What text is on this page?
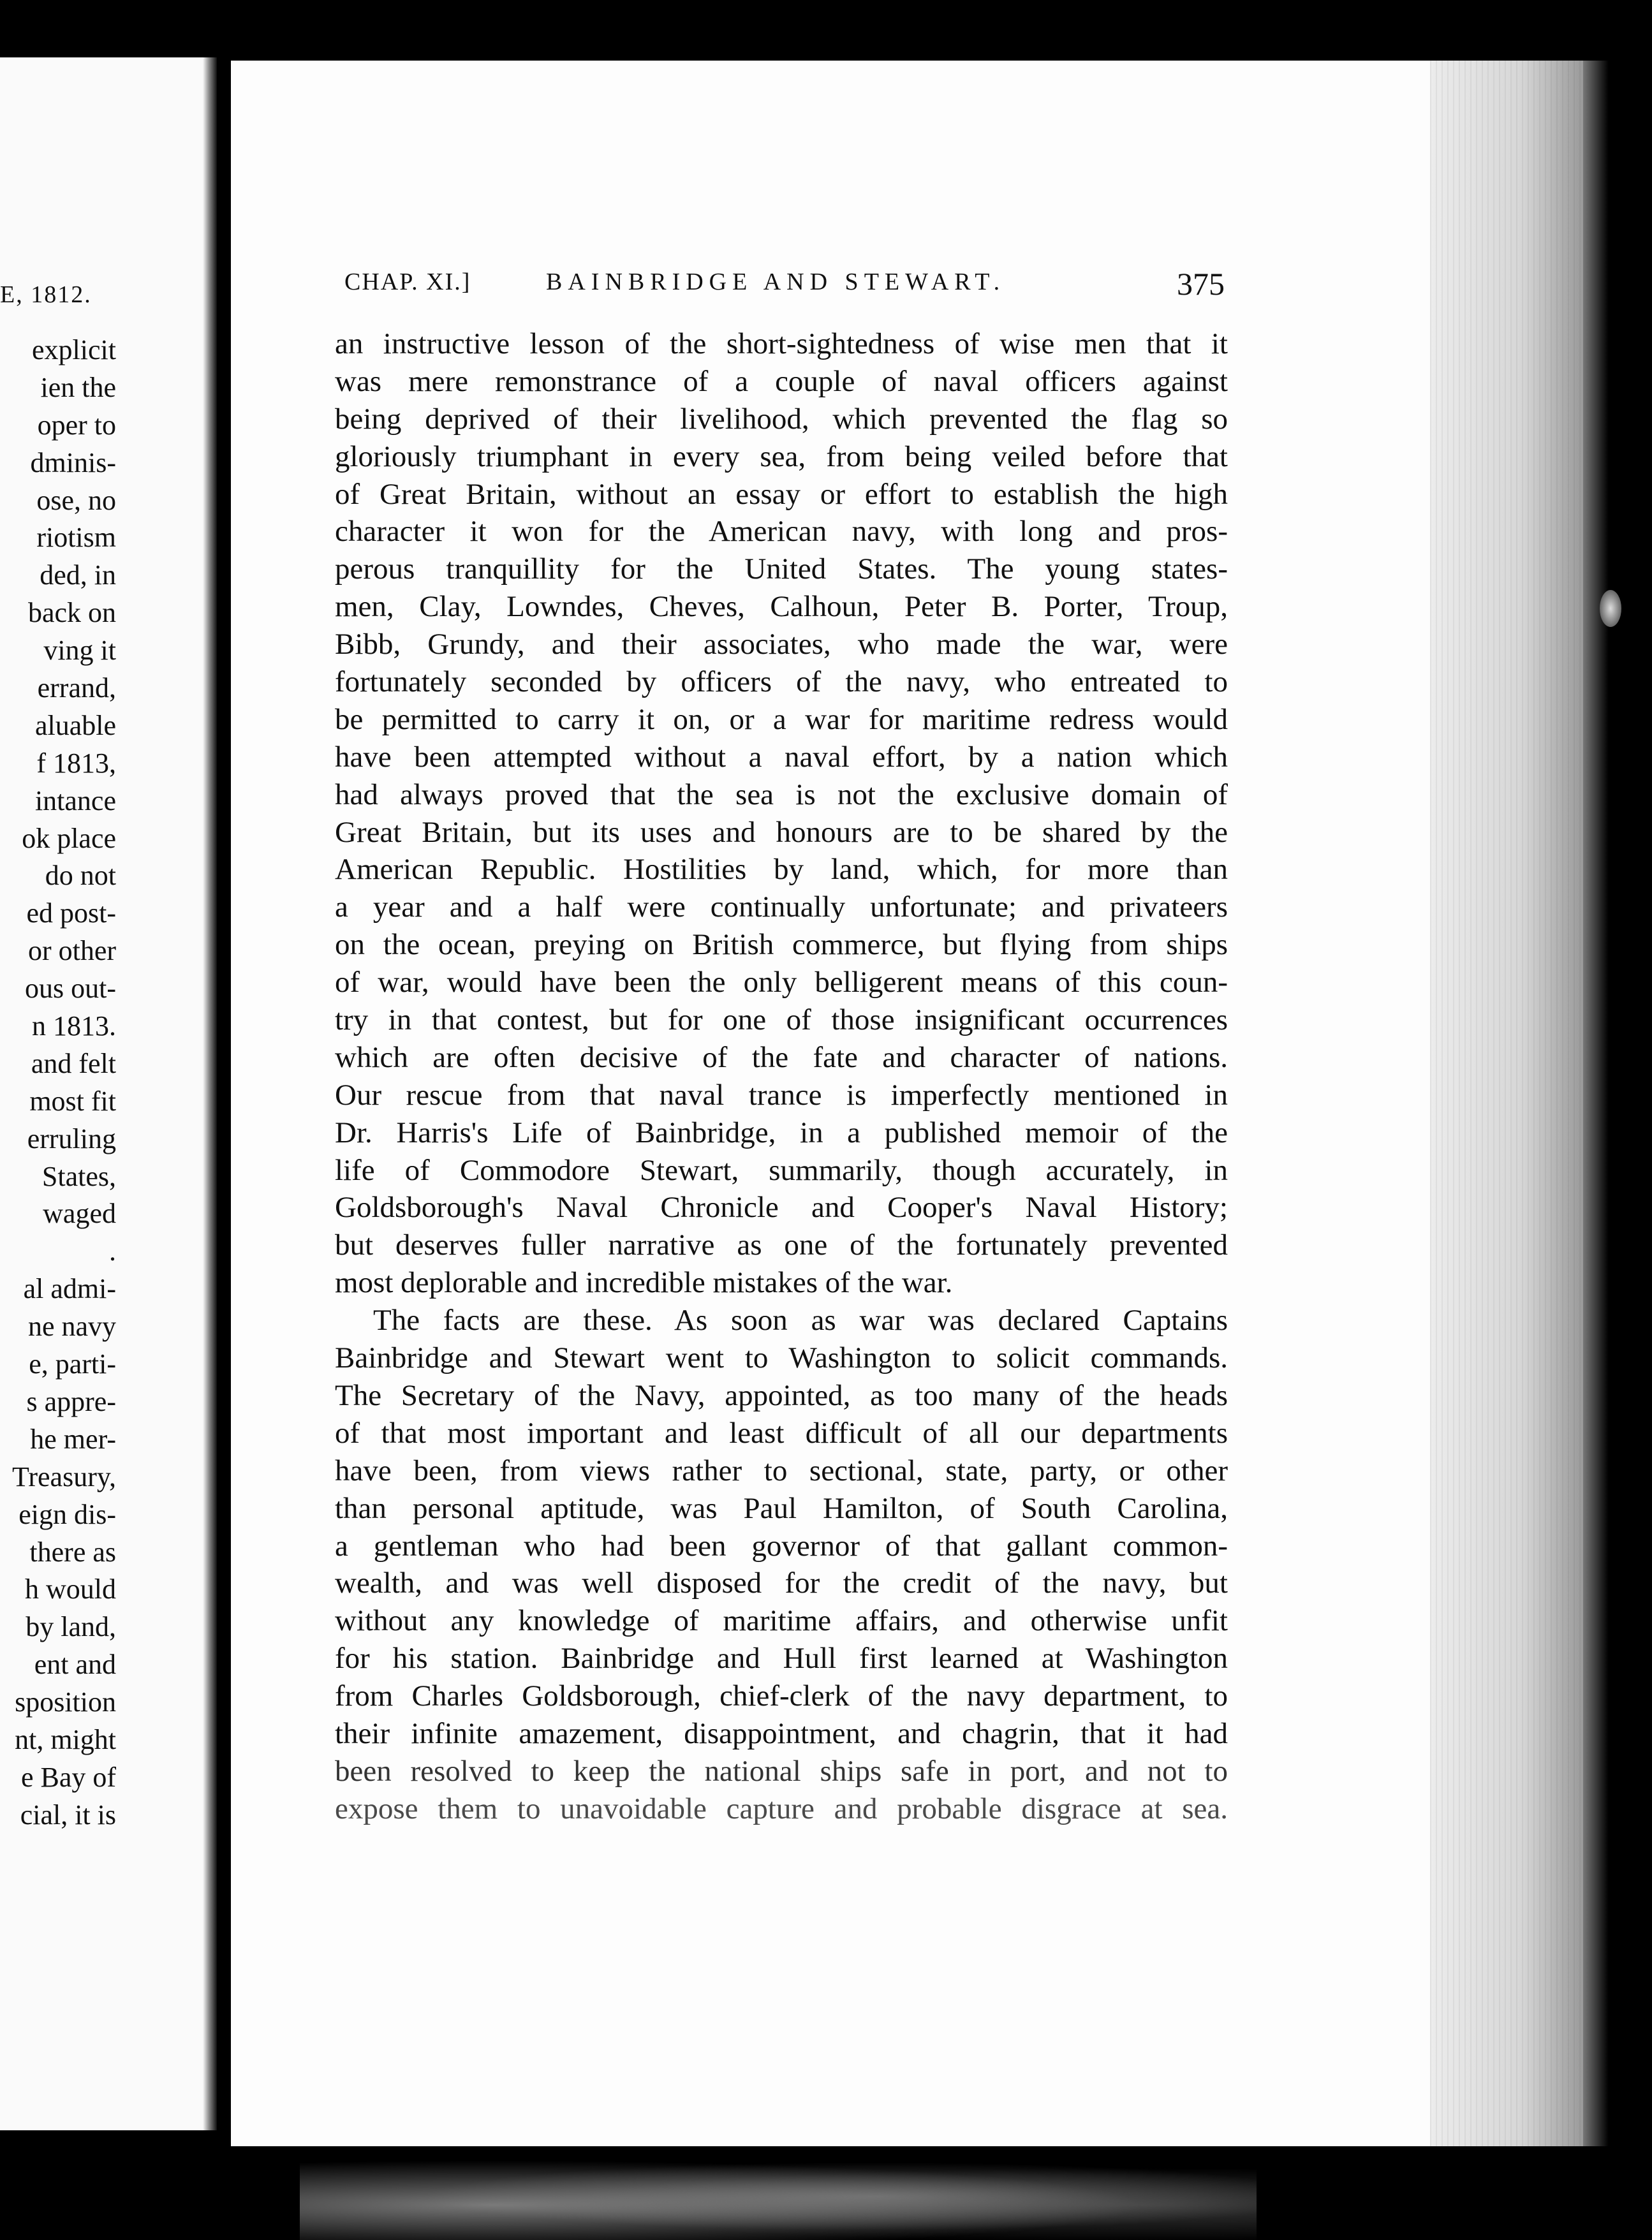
E, 1812.
explicit
ien the
oper to
dminis-
ose, no
riotism
ded, in
back on
ving it
errand,
aluable
f 1813,
intance
ok place
do not
ed post-
or other
ous out-
n 1813.
and felt
most fit
erruling
States,
waged
.
al admi-
ne navy
e, parti-
s appre-
he mer-
Treasury,
eign dis-
there as
h would
by land,
ent and
sposition
nt, might
e Bay of
cial, it is
CHAP. XI.]	BAINBRIDGE AND STEWART.	375
an instructive lesson of the short-sightedness of wise men that it
was mere remonstrance of a couple of naval officers against
being deprived of their livelihood, which prevented the flag so
gloriously triumphant in every sea, from being veiled before that
of Great Britain, without an essay or effort to establish the high
character it won for the American navy, with long and pros-
perous tranquillity for the United States. The young states-
men, Clay, Lowndes, Cheves, Calhoun, Peter B. Porter, Troup,
Bibb, Grundy, and their associates, who made the war, were
fortunately seconded by officers of the navy, who entreated to
be permitted to carry it on, or a war for maritime redress would
have been attempted without a naval effort, by a nation which
had always proved that the sea is not the exclusive domain of
Great Britain, but its uses and honours are to be shared by the
American Republic. Hostilities by land, which, for more than
a year and a half were continually unfortunate; and privateers
on the ocean, preying on British commerce, but flying from ships
of war, would have been the only belligerent means of this coun-
try in that contest, but for one of those insignificant occurrences
which are often decisive of the fate and character of nations.
Our rescue from that naval trance is imperfectly mentioned in
Dr. Harris's Life of Bainbridge, in a published memoir of the
life of Commodore Stewart, summarily, though accurately, in
Goldsborough's Naval Chronicle and Cooper's Naval History;
but deserves fuller narrative as one of the fortunately prevented
most deplorable and incredible mistakes of the war.
The facts are these. As soon as war was declared Captains
Bainbridge and Stewart went to Washington to solicit commands.
The Secretary of the Navy, appointed, as too many of the heads
of that most important and least difficult of all our departments
have been, from views rather to sectional, state, party, or other
than personal aptitude, was Paul Hamilton, of South Carolina,
a gentleman who had been governor of that gallant common-
wealth, and was well disposed for the credit of the navy, but
without any knowledge of maritime affairs, and otherwise unfit
for his station. Bainbridge and Hull first learned at Washington
from Charles Goldsborough, chief-clerk of the navy department, to
their infinite amazement, disappointment, and chagrin, that it had
been resolved to keep the national ships safe in port, and not to
expose them to unavoidable capture and probable disgrace at sea.
